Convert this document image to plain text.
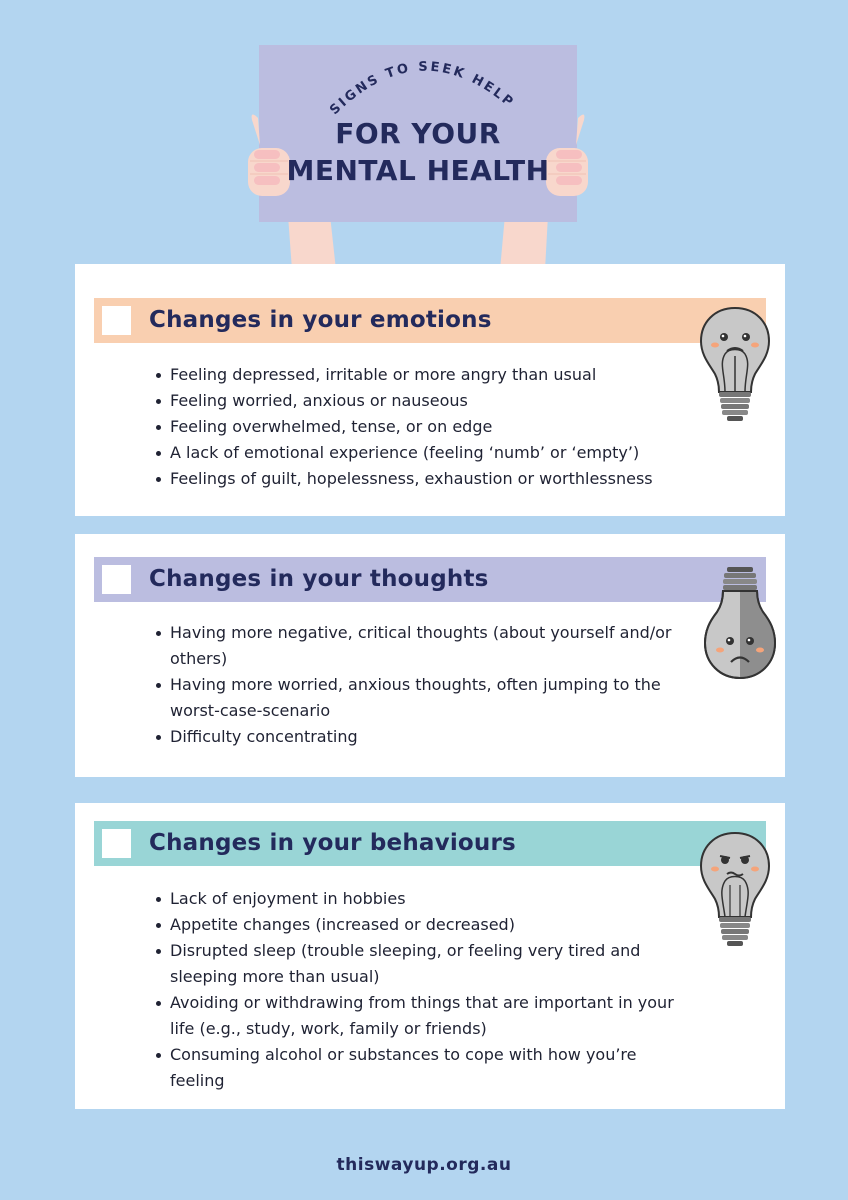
SIGNS TO SEEK HELP
FOR YOUR
MENTAL HEALTH
Changes in your emotions
Feeling depressed, irritable or more angry than usual
Feeling worried, anxious or nauseous
Feeling overwhelmed, tense, or on edge
A lack of emotional experience (feeling ‘numb’ or ‘empty’)
Feelings of guilt, hopelessness, exhaustion or worthlessness
Changes in your thoughts
Having more negative, critical thoughts (about yourself and/or others)
Having more worried, anxious thoughts, often jumping to the worst-case-scenario
Difficulty concentrating
Changes in your behaviours
Lack of enjoyment in hobbies
Appetite changes (increased or decreased)
Disrupted sleep (trouble sleeping, or feeling very tired and sleeping more than usual)
Avoiding or withdrawing from things that are important in your life (e.g., study, work, family or friends)
Consuming alcohol or substances to cope with how you’re feeling
thiswayup.org.au
